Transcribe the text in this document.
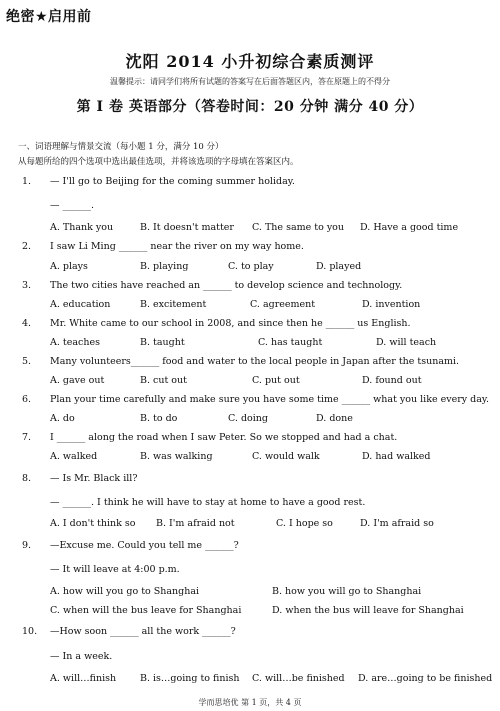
绝密★启用前
沈阳 2014 小升初综合素质测评
温馨提示：请同学们将所有试题的答案写在后面答题区内，答在原题上的不得分
第 I 卷 英语部分（答卷时间：20 分钟 满分 40 分）
一、词语理解与情景交流（每小题 1 分，满分 10 分）
从每题所给的四个选项中选出最佳选项，并将该选项的字母填在答案区内。
1. — I'll go to Beijing for the coming summer holiday.
— ______.
A. Thank you	B. It doesn't matter C. The same to you D. Have a good time
2. I saw Li Ming ______ near the river on my way home.
A. plays	B. playing	C. to play	D. played
3. The two cities have reached an ______ to develop science and technology.
A. education	B. excitement	C. agreement	D. invention
4. Mr. White came to our school in 2008, and since then he ______ us English.
A. teaches	B. taught	C. has taught	D. will teach
5. Many volunteers______ food and water to the local people in Japan after the tsunami.
A. gave out	B. cut out	C. put out	D. found out
6. Plan your time carefully and make sure you have some time ______ what you like every day.
A. do	B. to do	C. doing	D. done
7. I ______ along the road when I saw Peter. So we stopped and had a chat.
A. walked	B. was walking	C. would walk	D. had walked
8. — Is Mr. Black ill?
— ______. I think he will have to stay at home to have a good rest.
A. I don't think so B. I'm afraid not	C. I hope so	D. I'm afraid so
9. —Excuse me. Could you tell me ______?
— It will leave at 4:00 p.m.
A. how will you go to Shanghai	B. how you will go to Shanghai
C. when will the bus leave for Shanghai	D. when the bus will leave for Shanghai
10. —How soon ______ all the work ______?
— In a week.
A. will…finish	B. is…going to finish C. will…be finished D. are…going to be finished
学而思培优 第 1 页，共 4 页
